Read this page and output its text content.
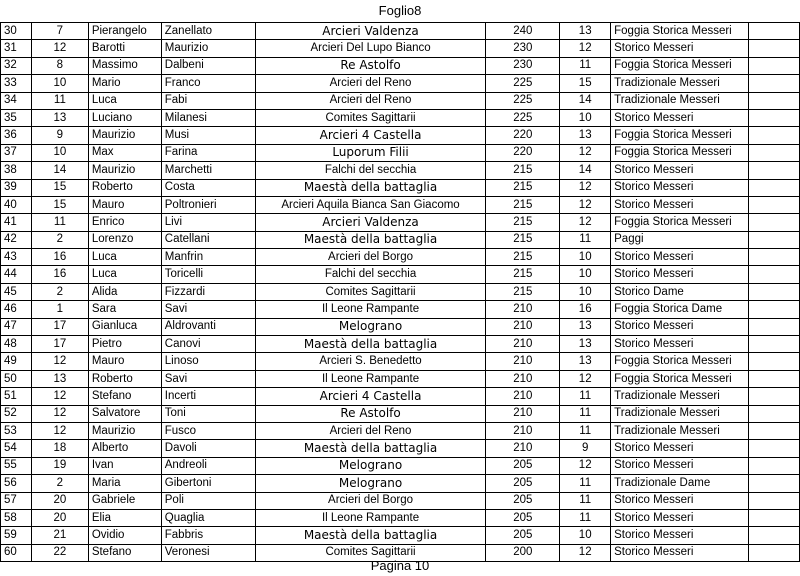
Foglio8
30	7	Pierangelo	Zanellato	Arcieri Valdenza	240	13	Foggia Storica Messeri	
31	12	Barotti	Maurizio	Arcieri Del Lupo Bianco	230	12	Storico Messeri	
32	8	Massimo	Dalbeni	Re Astolfo	230	11	Foggia Storica Messeri	
33	10	Mario	Franco	Arcieri del Reno	225	15	Tradizionale Messeri	
34	11	Luca	Fabi	Arcieri del Reno	225	14	Tradizionale Messeri	
35	13	Luciano	Milanesi	Comites Sagittarii	225	10	Storico Messeri	
36	9	Maurizio	Musi	Arcieri 4 Castella	220	13	Foggia Storica Messeri	
37	10	Max	Farina	Luporum Filii	220	12	Foggia Storica Messeri	
38	14	Maurizio	Marchetti	Falchi del secchia	215	14	Storico Messeri	
39	15	Roberto	Costa	Maestà della battaglia	215	12	Storico Messeri	
40	15	Mauro	Poltronieri	Arcieri Aquila Bianca San Giacomo	215	12	Storico Messeri	
41	11	Enrico	Livi	Arcieri Valdenza	215	12	Foggia Storica Messeri	
42	2	Lorenzo	Catellani	Maestà della battaglia	215	11	Paggi	
43	16	Luca	Manfrin	Arcieri del Borgo	215	10	Storico Messeri	
44	16	Luca	Toricelli	Falchi del secchia	215	10	Storico Messeri	
45	2	Alida	Fizzardi	Comites Sagittarii	215	10	Storico Dame	
46	1	Sara	Savi	Il Leone Rampante	210	16	Foggia Storica Dame	
47	17	Gianluca	Aldrovanti	Melograno	210	13	Storico Messeri	
48	17	Pietro	Canovi	Maestà della battaglia	210	13	Storico Messeri	
49	12	Mauro	Linoso	Arcieri S. Benedetto	210	13	Foggia Storica Messeri	
50	13	Roberto	Savi	Il Leone Rampante	210	12	Foggia Storica Messeri	
51	12	Stefano	Incerti	Arcieri 4 Castella	210	11	Tradizionale Messeri	
52	12	Salvatore	Toni	Re Astolfo	210	11	Tradizionale Messeri	
53	12	Maurizio	Fusco	Arcieri del Reno	210	11	Tradizionale Messeri	
54	18	Alberto	Davoli	Maestà della battaglia	210	9	Storico Messeri	
55	19	Ivan	Andreoli	Melograno	205	12	Storico Messeri	
56	2	Maria	Gibertoni	Melograno	205	11	Tradizionale Dame	
57	20	Gabriele	Poli	Arcieri del Borgo	205	11	Storico Messeri	
58	20	Elia	Quaglia	Il Leone Rampante	205	11	Storico Messeri	
59	21	Ovidio	Fabbris	Maestà della battaglia	205	10	Storico Messeri	
60	22	Stefano	Veronesi	Comites Sagittarii	200	12	Storico Messeri	
Pagina 10
